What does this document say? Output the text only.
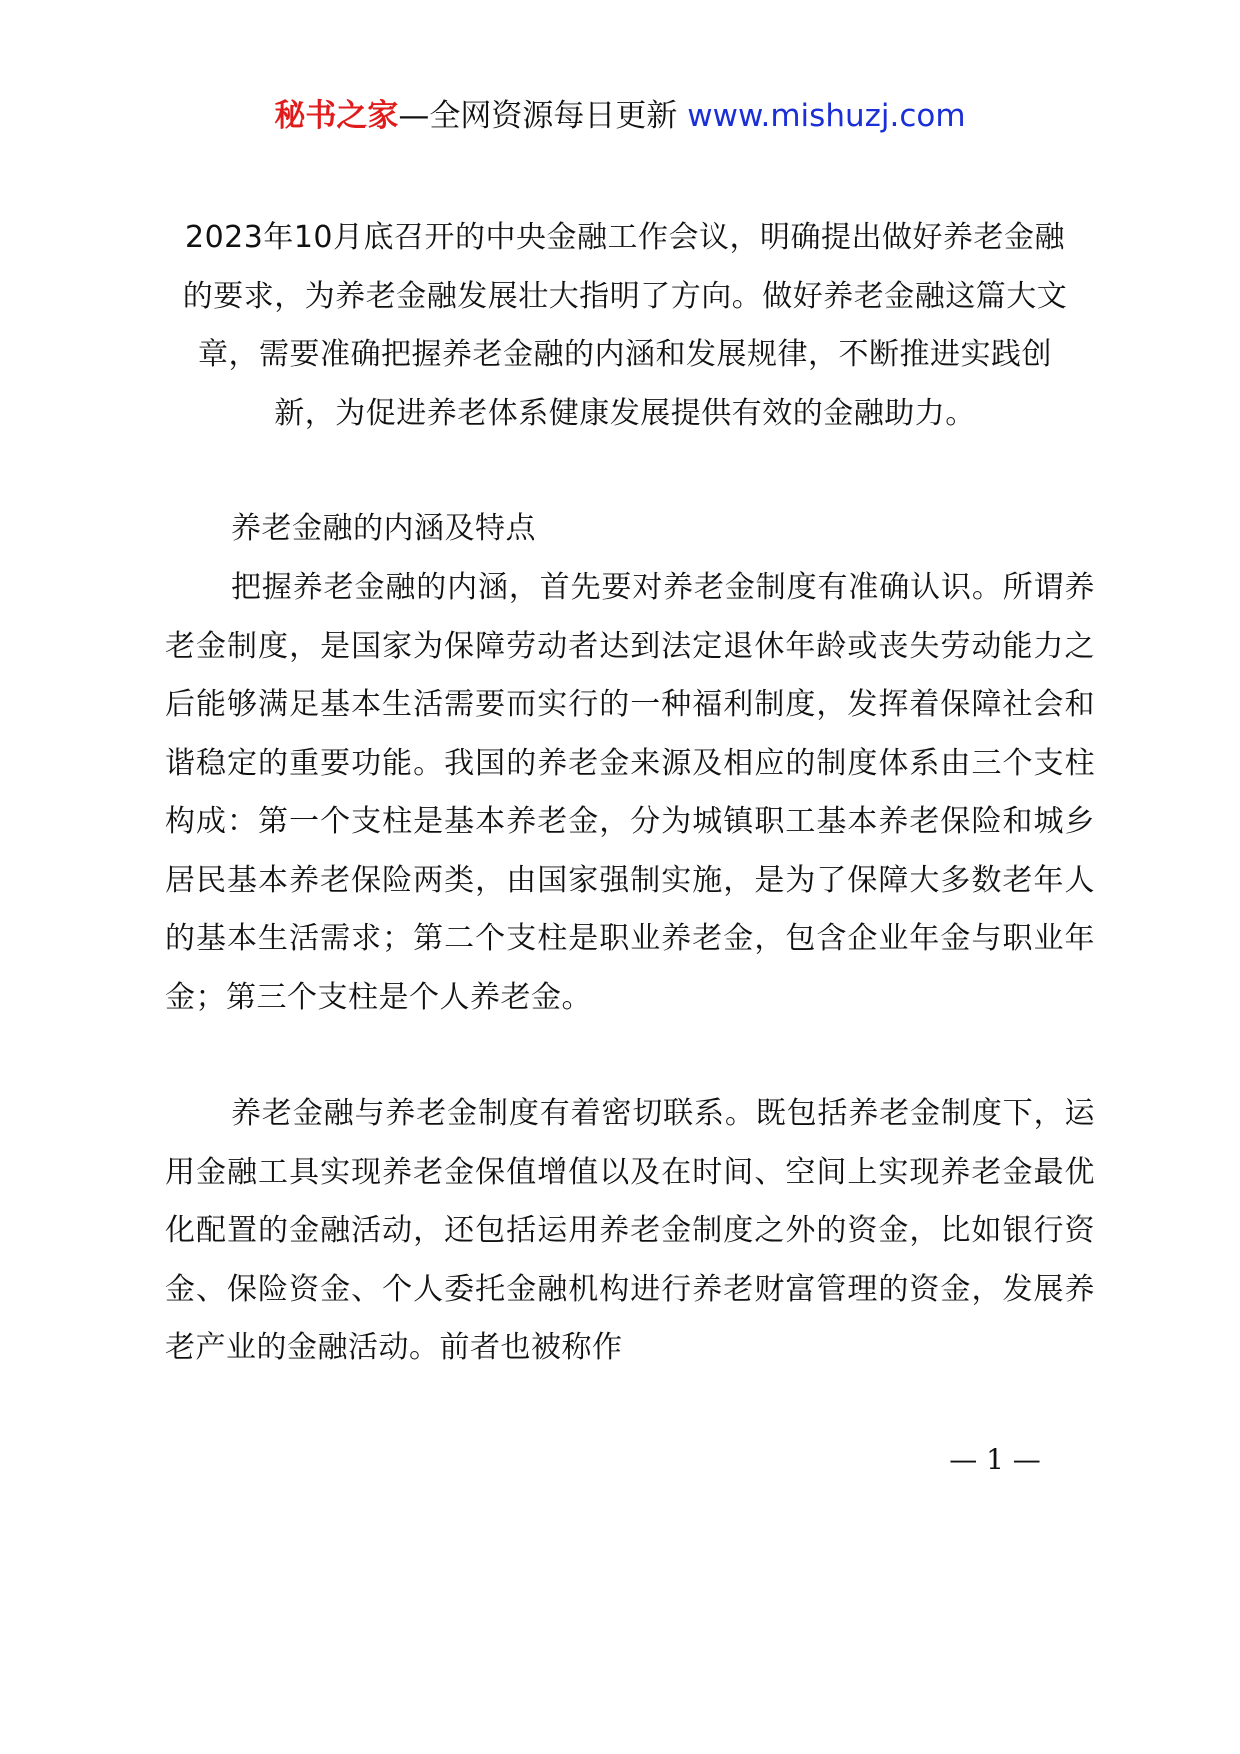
秘书之家—全网资源每日更新 www.mishuzj.com
2023年10月底召开的中央金融工作会议，明确提出做好养老金融的要求，为养老金融发展壮大指明了方向。做好养老金融这篇大文章，需要准确把握养老金融的内涵和发展规律，不断推进实践创新，为促进养老体系健康发展提供有效的金融助力。
养老金融的内涵及特点
把握养老金融的内涵，首先要对养老金制度有准确认识。所谓养老金制度，是国家为保障劳动者达到法定退休年龄或丧失劳动能力之后能够满足基本生活需要而实行的一种福利制度，发挥着保障社会和谐稳定的重要功能。我国的养老金来源及相应的制度体系由三个支柱构成：第一个支柱是基本养老金，分为城镇职工基本养老保险和城乡居民基本养老保险两类，由国家强制实施，是为了保障大多数老年人的基本生活需求；第二个支柱是职业养老金，包含企业年金与职业年金；第三个支柱是个人养老金。
养老金融与养老金制度有着密切联系。既包括养老金制度下，运用金融工具实现养老金保值增值以及在时间、空间上实现养老金最优化配置的金融活动，还包括运用养老金制度之外的资金，比如银行资金、保险资金、个人委托金融机构进行养老财富管理的资金，发展养老产业的金融活动。前者也被称作
— 1 —
